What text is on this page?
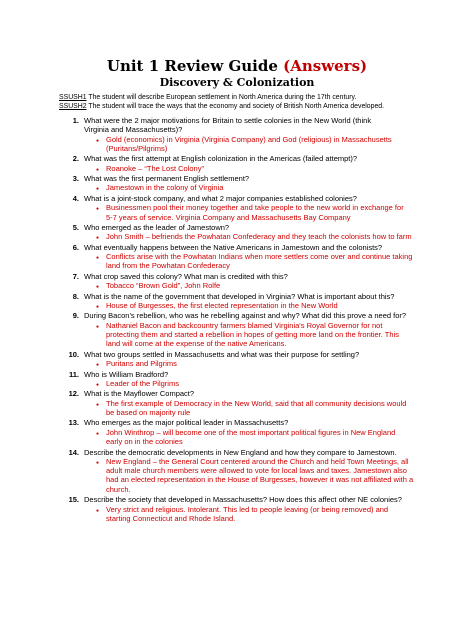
Unit 1 Review Guide (Answers)
Discovery & Colonization
SSUSH1 The student will describe European settlement in North America during the 17th century.
SSUSH2 The student will trace the ways that the economy and society of British North America developed.
1. What were the 2 major motivations for Britain to settle colonies in the New World (think
Virginia and Massachusetts)?
● Gold (economics) in Virginia (Virginia Company) and God (religious) in Massachusetts
(Puritans/Pilgrims)
2. What was the first attempt at English colonization in the Americas (failed attempt)?
● Roanoke – “The Lost Colony”
3. What was the first permanent English settlement?
● Jamestown in the colony of Virginia
4. What is a joint-stock company, and what 2 major companies established colonies?
● Businessmen pool their money together and take people to the new world in exchange for
5-7 years of service. Virginia Company and Massachusetts Bay Company
5. Who emerged as the leader of Jamestown?
● John Smith – befriends the Powhatan Confederacy and they teach the colonists how to farm
6. What eventually happens between the Native Americans in Jamestown and the colonists?
● Conflicts arise with the Powhatan Indians when more settlers come over and continue taking
land from the Powhatan Confederacy
7. What crop saved this colony? What man is credited with this?
● Tobacco “Brown Gold”, John Rolfe
8. What is the name of the government that developed in Virginia? What is important about this?
● House of Burgesses, the first elected representation in the New World
9. During Bacon's rebellion, who was he rebelling against and why? What did this prove a need for?
● Nathaniel Bacon and backcountry farmers blamed Virginia's Royal Governor for not
protecting them and started a rebellion in hopes of getting more land on the frontier. This
land will come at the expense of the native Americans.
10. What two groups settled in Massachusetts and what was their purpose for settling?
● Puritans and Pilgrims
11. Who is William Bradford?
● Leader of the Pilgrims
12. What is the Mayflower Compact?
● The first example of Democracy in the New World, said that all community decisions would
be based on majority rule
13. Who emerges as the major political leader in Massachusetts?
● John Winthrop – will become one of the most important political figures in New England
early on in the colonies
14. Describe the democratic developments in New England and how they compare to Jamestown.
● New England – the General Court centered around the Church and held Town Meetings, all
adult male church members were allowed to vote for local laws and taxes. Jamestown also
had an elected representation in the House of Burgesses, however it was not affiliated with a
church.
15. Describe the society that developed in Massachusetts? How does this affect other NE colonies?
● Very strict and religious. Intolerant. This led to people leaving (or being removed) and
starting Connecticut and Rhode Island.
